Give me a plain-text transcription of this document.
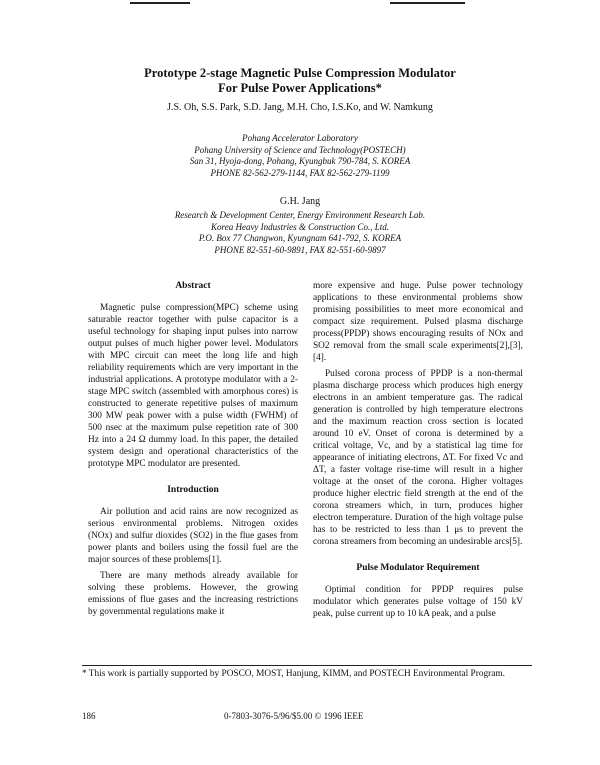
Prototype 2-stage Magnetic Pulse Compression Modulator
For Pulse Power Applications*
J.S. Oh, S.S. Park, S.D. Jang, M.H. Cho, I.S.Ko, and W. Namkung
Pohang Accelerator Laboratory
Pohang University of Science and Technology(POSTECH)
San 31, Hyoja-dong, Pohang, Kyungbuk 790-784, S. KOREA
PHONE 82-562-279-1144, FAX 82-562-279-1199
G.H. Jang
Research & Development Center, Energy Environment Research Lab.
Korea Heavy Industries & Construction Co., Ltd.
P.O. Box 77 Changwon, Kyungnam 641-792, S. KOREA
PHONE 82-551-60-9891, FAX 82-551-60-9897
Abstract

Magnetic pulse compression(MPC) scheme using saturable reactor together with pulse capacitor is a useful technology for shaping input pulses into narrow output pulses of much higher power level. Modulators with MPC circuit can meet the long life and high reliability requirements which are very important in the industrial applications. A prototype modulator with a 2-stage MPC switch (assembled with amorphous cores) is constructed to generate repetitive pulses of maximum 300 MW peak power with a pulse width (FWHM) of 500 nsec at the maximum pulse repetition rate of 300 Hz into a 24 Ω dummy load. In this paper, the detailed system design and operational characteristics of the prototype MPC modulator are presented.

Introduction

Air pollution and acid rains are now recognized as serious environmental problems. Nitrogen oxides (NOx) and sulfur dioxides (SO2) in the flue gases from power plants and boilers using the fossil fuel are the major sources of these problems[1].

There are many methods already available for solving these problems. However, the growing emissions of flue gases and the increasing restrictions by governmental regulations make it

more expensive and huge. Pulse power technology applications to these environmental problems show promising possibilities to meet more economical and compact size requirement. Pulsed plasma discharge process(PPDP) shows encouraging results of NOx and SO2 removal from the small scale experiments[2],[3],[4].

Pulsed corona process of PPDP is a non-thermal plasma discharge process which produces high energy electrons in an ambient temperature gas. The radical generation is controlled by high temperature electrons and the maximum reaction cross section is located around 10 eV. Onset of corona is determined by a critical voltage, Vc, and by a statistical lag time for appearance of initiating electrons, ΔT. For fixed Vc and ΔT, a faster voltage rise-time will result in a higher voltage at the onset of the corona. Higher voltages produce higher electric field strength at the end of the corona streamers which, in turn, produces higher electron temperature. Duration of the high voltage pulse has to be restricted to less than 1 μs to prevent the corona streamers from becoming an undesirable arcs[5].

Pulse Modulator Requirement

Optimal condition for PPDP requires pulse modulator which generates pulse voltage of 150 kV peak, pulse current up to 10 kA peak, and a pulse

* This work is partially supported by POSCO, MOST, Hanjung, KIMM, and POSTECH Environmental Program.
186	0-7803-3076-5/96/$5.00 © 1996 IEEE
